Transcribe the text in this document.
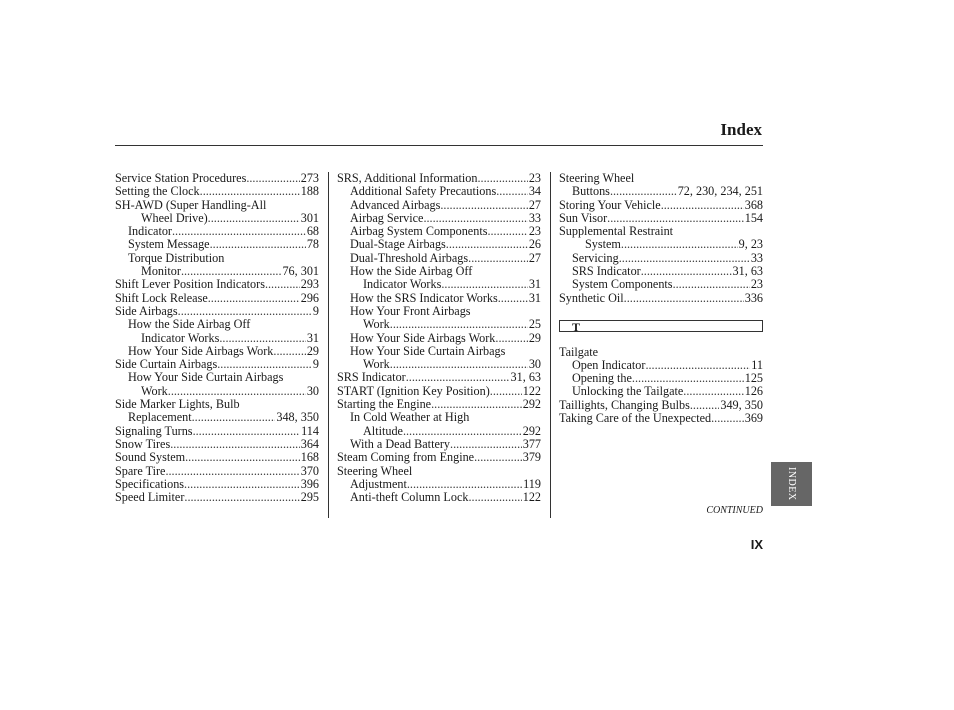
Index
Service Station Procedures .....	273
Setting the Clock .....	188
SH-AWD (Super Handling-All
Wheel Drive) .....	301
Indicator .....	68
System Message .....	78
Torque Distribution
Monitor .....	76, 301
Shift Lever Position Indicators .....	293
Shift Lock Release .....	296
Side Airbags .....	9
How the Side Airbag Off
Indicator Works .....	31
How Your Side Airbags Work .....	29
Side Curtain Airbags .....	9
How Your Side Curtain Airbags
Work .....	30
Side Marker Lights, Bulb
Replacement .....	348, 350
Signaling Turns .....	114
Snow Tires .....	364
Sound System .....	168
Spare Tire .....	370
Specifications .....	396
Speed Limiter .....	295
SRS, Additional Information .....	23
Additional Safety Precautions .....	34
Advanced Airbags .....	27
Airbag Service .....	33
Airbag System Components .....	23
Dual-Stage Airbags .....	26
Dual-Threshold Airbags .....	27
How the Side Airbag Off
Indicator Works .....	31
How the SRS Indicator Works .....	31
How Your Front Airbags
Work .....	25
How Your Side Airbags Work .....	29
How Your Side Curtain Airbags
Work .....	30
SRS Indicator .....	31, 63
START (Ignition Key Position) .....	122
Starting the Engine .....	292
In Cold Weather at High
Altitude .....	292
With a Dead Battery .....	377
Steam Coming from Engine .....	379
Steering Wheel
Adjustment .....	119
Anti-theft Column Lock .....	122
Steering Wheel
Buttons .....	72, 230, 234, 251
Storing Your Vehicle .....	368
Sun Visor .....	154
Supplemental Restraint
System .....	9, 23
Servicing .....	33
SRS Indicator .....	31, 63
System Components .....	23
Synthetic Oil .....	336
T
Tailgate
Open Indicator .....	11
Opening the .....	125
Unlocking the Tailgate .....	126
Taillights, Changing Bulbs .....	349, 350
Taking Care of the Unexpected .....	369
INDEX
CONTINUED
IX
